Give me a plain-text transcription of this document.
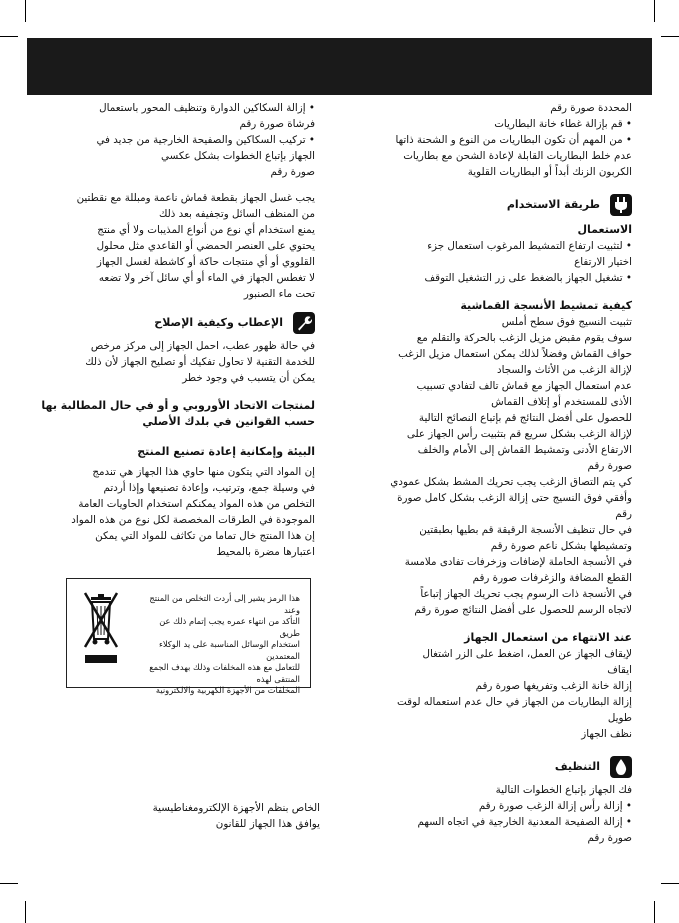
المحددة صورة رقم

• قم بإزالة غطاء خانة البطاريات

• من المهم أن تكون البطاريات من النوع و الشحنة ذاتها

عدم خلط البطاريات القابلة لإعادة الشحن مع بطاريات

الكربون الزنك أبداً أو البطاريات القلوية

طريقة الاستخدام

الاستعمال

• لتثبيت ارتفاع التمشيط المرغوب استعمال جزء

اختيار الارتفاع

• تشغيل الجهاز بالضغط على زر التشغيل التوقف

كيفية تمشيط الأنسجة القماشية

تثبيت النسيج فوق سطح أملس

سوف يقوم مقبض مزيل الزغب بالحركة والتقلم مع

حواف القماش وفضلاً لذلك يمكن استعمال مزيل الزغب

لإزالة الزغب من الأثاث والسجاد

عدم استعمال الجهاز مع قماش تالف لتفادي تسبيب

الأذى للمستخدم أو إتلاف القماش

للحصول على أفضل النتائج قم بإتباع النصائح التالية

لإزالة الزغب بشكل سريع قم بتثبيت رأس الجهاز على

الارتفاع الأدنى وتمشيط القماش إلى الأمام والخلف

صورة رقم

كي يتم التصاق الزغب يجب تحريك المشط بشكل عمودي

وأفقي فوق النسيج حتى إزالة الزغب بشكل كامل صورة

رقم

في حال تنظيف الأنسجة الرقيقة قم بطيها بطبقتين

وتمشيطها بشكل ناعم صورة رقم

في الأنسجة الحاملة لإضافات وزخرفات تفادى ملامسة

القطع المضافة والزغرفات صورة رقم

في الأنسجة ذات الرسوم يجب تحريك الجهاز إتباعاً

لاتجاه الرسم للحصول على أفضل النتائج صورة رقم

عند الانتهاء من استعمال الجهاز

لإيقاف الجهاز عن العمل، اضغط على الزر اشتغال

ايقاف

إزالة خانة الزغب وتفريغها صورة رقم

إزالة البطاريات من الجهاز في حال عدم استعماله لوقت

طويل

نظف الجهاز

التنظيف

فك الجهاز بإتباع الخطوات التالية

• إزالة رأس إزالة الزغب صورة رقم

• إزالة الصفيحة المعدنية الخارجية في اتجاه السهم

صورة رقم

• إزالة السكاكين الدوارة وتنظيف المحور باستعمال

فرشاة صورة رقم

• تركيب السكاكين والصفيحة الخارجية من جديد في

الجهاز بإتباع الخطوات بشكل عكسي

صورة رقم

يجب غسل الجهاز بقطعة قماش ناعمة ومبللة مع نقطتين

من المنظف السائل وتجفيفه بعد ذلك

يمنع استخدام أي نوع من أنواع المذيبات ولا أي منتج

يحتوي على العنصر الحمضي أو القاعدي مثل محلول

القلووي أو أي منتجات حاكة أو كاشطة لغسل الجهاز

لا تغطس الجهاز في الماء أو أي سائل آخر ولا تضعه

تحت ماء الصنبور

الإعطاب وكيفية الإصلاح

في حالة ظهور عطب، احمل الجهاز إلى مركز مرخص

للخدمة التقنية لا تحاول تفكيك أو تصليح الجهاز لأن ذلك

يمكن أن يتسبب في وجود خطر

لمنتجات الاتحاد الأوروبي و أو في حال المطالبة بها

حسب القوانين في بلدك الأصلي

البيئة وإمكانية إعادة تصنيع المنتج

إن المواد التي يتكون منها حاوي هذا الجهاز هي تندمج

في وسيلة جمع، وترتيب، وإعادة تصنيعها وإذا أردتم

التخلص من هذه المواد يمكنكم استخدام الحاويات العامة

الموجودة في الطرقات المخصصة لكل نوع من هذه المواد

إن هذا المنتج خال تماما من تكاثف للمواد التي يمكن

اعتبارها مضرة بالمحيط

هذا الرمز يشير إلى أردت التخلص من المنتج وعند
التأكد من انتهاء عمره يجب إتمام ذلك عن طريق
استخدام الوسائل المناسبة على يد الوكلاء المعتمدين
للتعامل مع هذه المخلفات وذلك بهدف الجمع المنتقى لهذه
المخلفات من الأجهزة الكهربية والالكترونية

الخاص بنظم الأجهزة الإلكترومغناطيسية

يوافق هذا الجهاز للقانون
